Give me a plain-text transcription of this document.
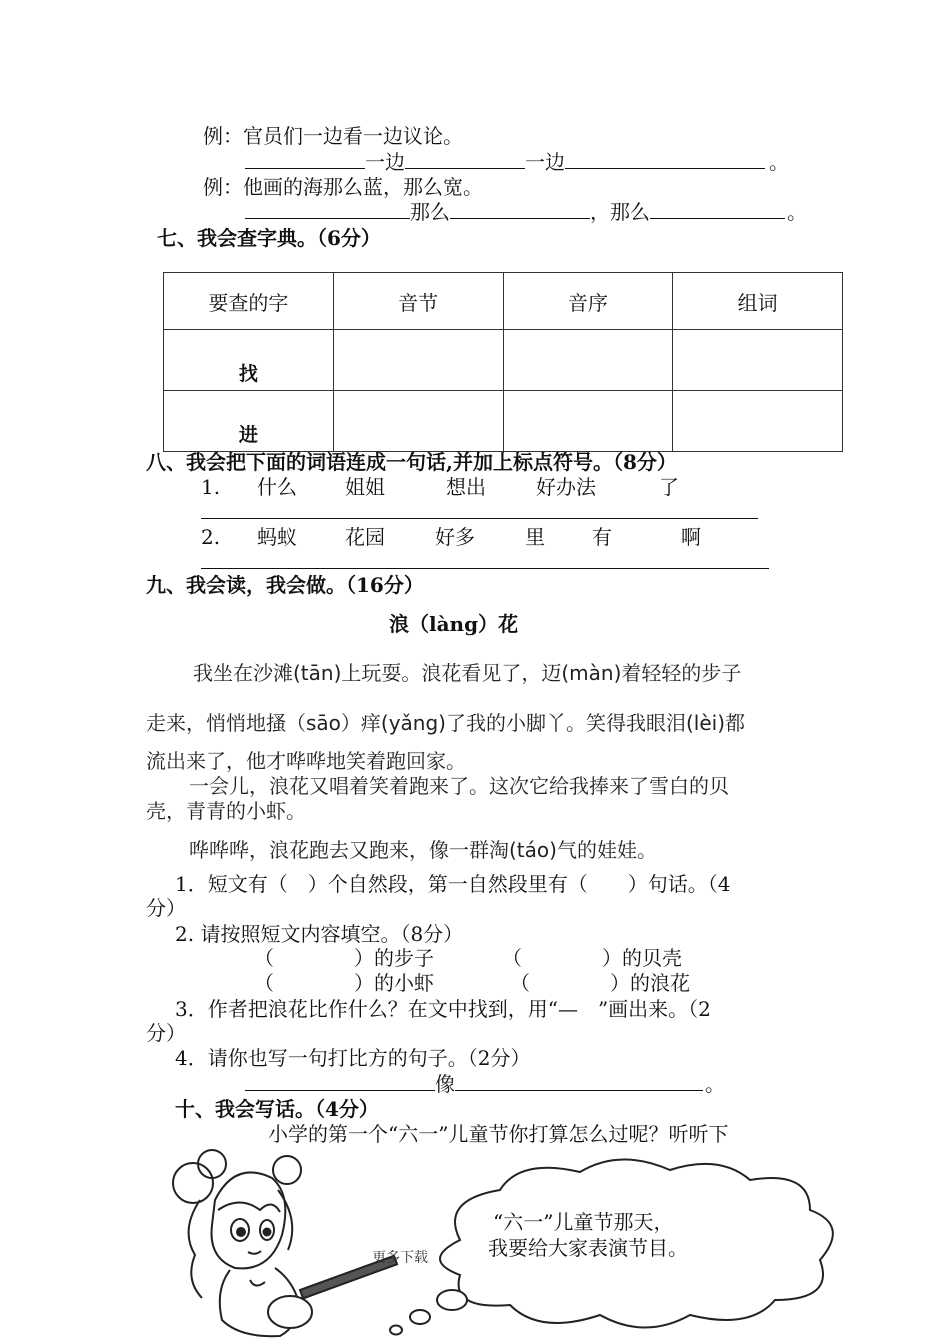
例：官员们一边看一边议论。
一边	一边	。
例：他画的海那么蓝，那么宽。
那么	，那么	。
七、我会查字典。（6分）
要查的字	音节	音序	组词
找			
进			
八、我会把下面的词语连成一句话,并加上标点符号。（8分）
1. 什么 姐姐	想出	好办法	了
2. 蚂蚁 花园	好多	里 有	啊
九、我会读，我会做。（16分）
浪（làng）花
我坐在沙滩(tān)上玩耍。浪花看见了，迈(màn)着轻轻的步子
走来，悄悄地搔（sāo）痒(yǎng)了我的小脚丫。笑得我眼泪(lèi)都
流出来了，他才哗哗地笑着跑回家。
一会儿，浪花又唱着笑着跑来了。这次它给我捧来了雪白的贝
壳，青青的小虾。
哗哗哗，浪花跑去又跑来，像一群淘(táo)气的娃娃。
1．短文有（　）个自然段，第一自然段里有（　　）句话。（4
分）
2. 请按照短文内容填空。（8分）
（　　　　）的步子	（　　　　）的贝壳
（　　　　）的小虾	（　　　　）的浪花
3．作者把浪花比作什么？在文中找到，用“—　”画出来。（2
分）
4．请你也写一句打比方的句子。（2分）
像	。
十、我会写话。（4分）
小学的第一个“六一”儿童节你打算怎么过呢？听听下
“六一”儿童节那天，
我要给大家表演节目。
更多下载
